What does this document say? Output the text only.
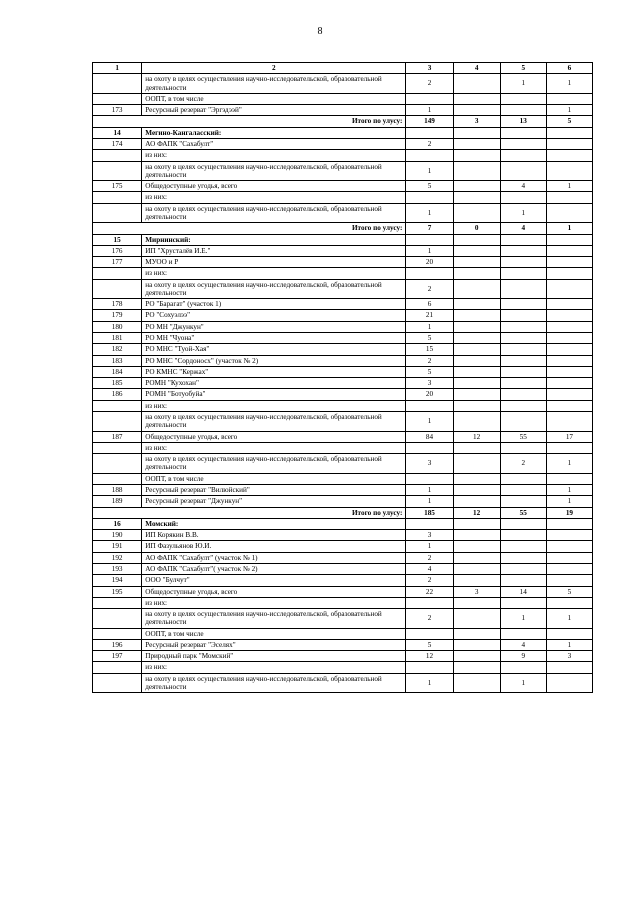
8
1	2	3	4	5	6
	на охоту в целях осуществления научно-исследовательской, образовательной деятельности	2		1	1
	ООПТ, в том числе				
173	Ресурсный резерват "Эргэдээй"	1			1
Итого по улусу:		149	3	13	5
14	Мегино-Кангаласский:				
174	АО ФАПК "Сахабулт"	2			
	из них:				
	на охоту в целях осуществления научно-исследовательской, образовательной деятельности	1			
175	Общедоступные угодья, всего	5		4	1
	из них:				
	на охоту в целях осуществления научно-исследовательской, образовательной деятельности	1		1	
Итого по улусу:		7	0	4	1
15	Мирнинский:				
176	ИП "Хрусталёв И.Е."	1			
177	МУОО и Р	20			
	из них:				
	на охоту в целях осуществления научно-исследовательской, образовательной деятельности	2			
178	РО "Барагат" (участок 1)	6			
179	РО "Сохуэлээ"	21			
180	РО МН "Джункун"	1			
181	РО МН "Чуона"	5			
182	РО МНС "Туой-Хая"	15			
183	РО МНС "Сордоносх" (участок № 2)	2			
184	РО КМНС "Кержах"	5			
185	РОМН "Кухохан"	3			
186	РОМН "Ботуобуйа"	20			
	из них:				
	на охоту в целях осуществления научно-исследовательской, образовательной деятельности	1			
187	Общедоступные угодья, всего	84	12	55	17
	из них:				
	на охоту в целях осуществления научно-исследовательской, образовательной деятельности	3		2	1
	ООПТ, в том числе				
188	Ресурсный резерват "Вилюйский"	1			1
189	Ресурсный резерват "Джункун"	1			1
Итого по улусу:		185	12	55	19
16	Момский:				
190	ИП Корякин В.В.	3			
191	ИП Фазульянов Ю.И.	1			
192	АО ФАПК "Сахабулт" (участок № 1)	2			
193	АО ФАПК "Сахабулт"( участок № 2)	4			
194	ООО "Булчут"	2			
195	Общедоступные угодья, всего	22	3	14	5
	из них:				
	на охоту в целях осуществления научно-исследовательской, образовательной деятельности	2		1	1
	ООПТ, в том числе				
196	Ресурсный резерват "Эселях"	5		4	1
197	Природный парк "Момский"	12		9	3
	из них:				
	на охоту в целях осуществления научно-исследовательской, образовательной деятельности	1		1	
